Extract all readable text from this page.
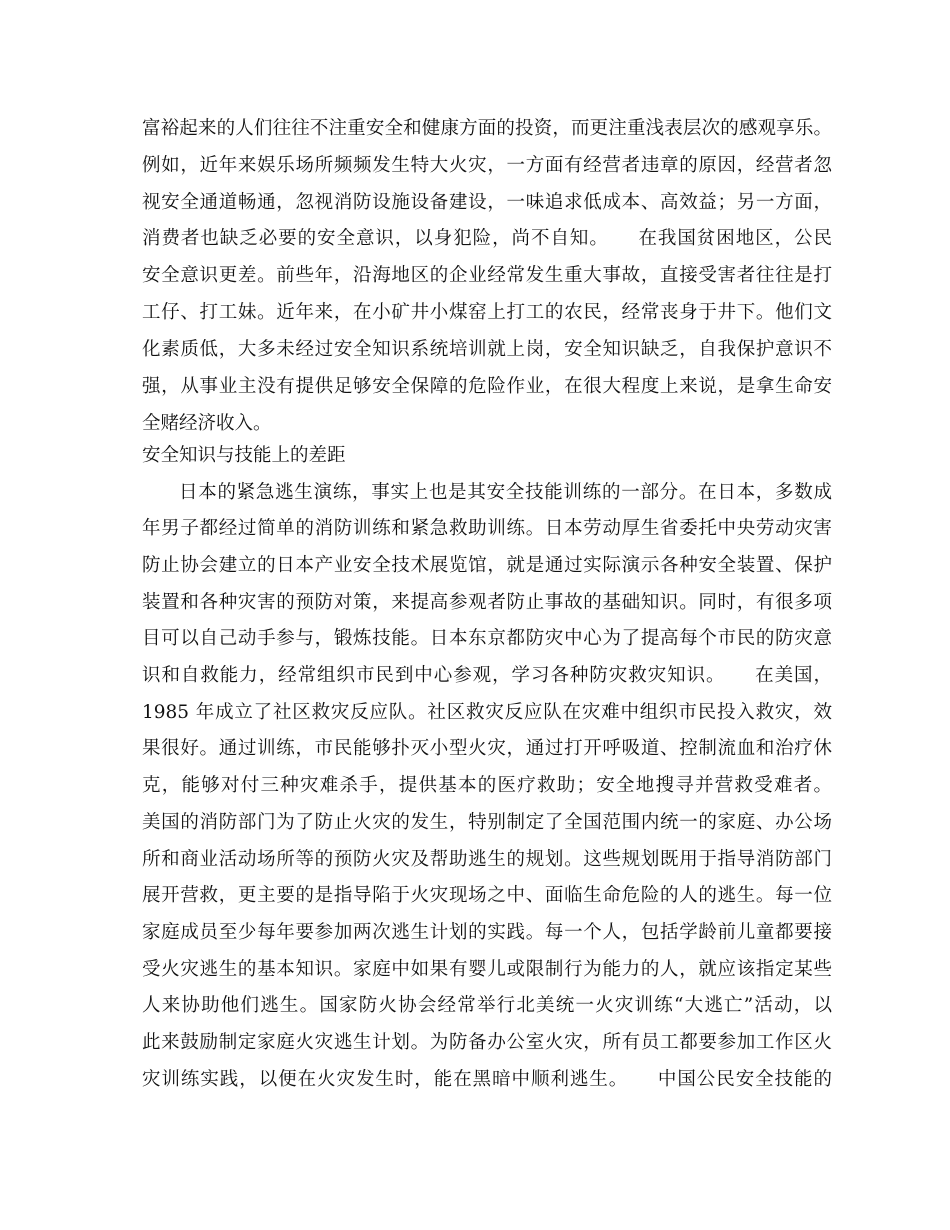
富裕起来的人们往往不注重安全和健康方面的投资，而更注重浅表层次的感观享乐。
例如，近年来娱乐场所频频发生特大火灾，一方面有经营者违章的原因，经营者忽
视安全通道畅通，忽视消防设施设备建设，一味追求低成本、高效益；另一方面，
消费者也缺乏必要的安全意识，以身犯险，尚不自知。　　在我国贫困地区，公民
安全意识更差。前些年，沿海地区的企业经常发生重大事故，直接受害者往往是打
工仔、打工妹。近年来，在小矿井小煤窑上打工的农民，经常丧身于井下。他们文
化素质低，大多未经过安全知识系统培训就上岗，安全知识缺乏，自我保护意识不
强，从事业主没有提供足够安全保障的危险作业，在很大程度上来说，是拿生命安
全赌经济收入。
安全知识与技能上的差距
日本的紧急逃生演练，事实上也是其安全技能训练的一部分。在日本，多数成
年男子都经过简单的消防训练和紧急救助训练。日本劳动厚生省委托中央劳动灾害
防止协会建立的日本产业安全技术展览馆，就是通过实际演示各种安全装置、保护
装置和各种灾害的预防对策，来提高参观者防止事故的基础知识。同时，有很多项
目可以自己动手参与，锻炼技能。日本东京都防灾中心为了提高每个市民的防灾意
识和自救能力，经常组织市民到中心参观，学习各种防灾救灾知识。　　在美国，
1985 年成立了社区救灾反应队。社区救灾反应队在灾难中组织市民投入救灾，效
果很好。通过训练，市民能够扑灭小型火灾，通过打开呼吸道、控制流血和治疗休
克，能够对付三种灾难杀手，提供基本的医疗救助；安全地搜寻并营救受难者。
美国的消防部门为了防止火灾的发生，特别制定了全国范围内统一的家庭、办公场
所和商业活动场所等的预防火灾及帮助逃生的规划。这些规划既用于指导消防部门
展开营救，更主要的是指导陷于火灾现场之中、面临生命危险的人的逃生。每一位
家庭成员至少每年要参加两次逃生计划的实践。每一个人，包括学龄前儿童都要接
受火灾逃生的基本知识。家庭中如果有婴儿或限制行为能力的人，就应该指定某些
人来协助他们逃生。国家防火协会经常举行北美统一火灾训练“大逃亡”活动，以
此来鼓励制定家庭火灾逃生计划。为防备办公室火灾，所有员工都要参加工作区火
灾训练实践，以便在火灾发生时，能在黑暗中顺利逃生。　　中国公民安全技能的
